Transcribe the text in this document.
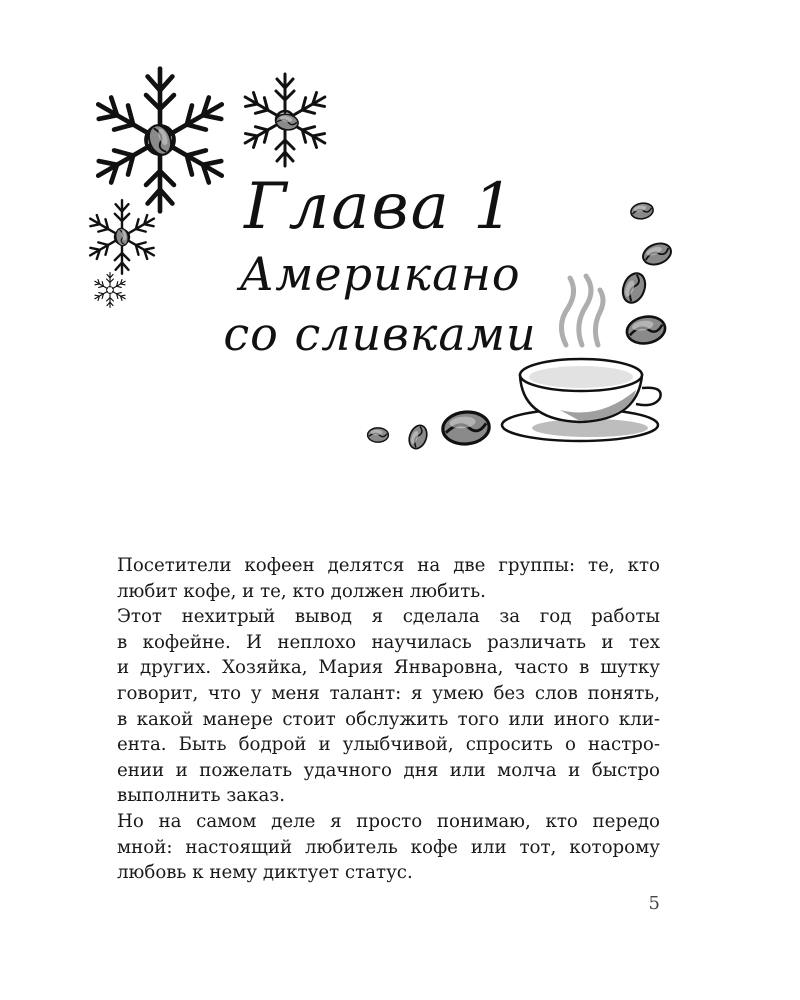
Глава 1
Американо
со сливками

Посетители кофеен делятся на две группы: те, кто
любит кофе, и те, кто должен любить.

Этот нехитрый вывод я сделала за год работы
в кофейне. И неплохо научилась различать и тех
и других. Хозяйка, Мария Январовна, часто в шутку
говорит, что у меня талант: я умею без слов понять,
в какой манере стоит обслужить того или иного кли-
ента. Быть бодрой и улыбчивой, спросить о настро-
ении и пожелать удачного дня или молча и быстро
выполнить заказ.

Но на самом деле я просто понимаю, кто передо
мной: настоящий любитель кофе или тот, которому
любовь к нему диктует статус.

5
